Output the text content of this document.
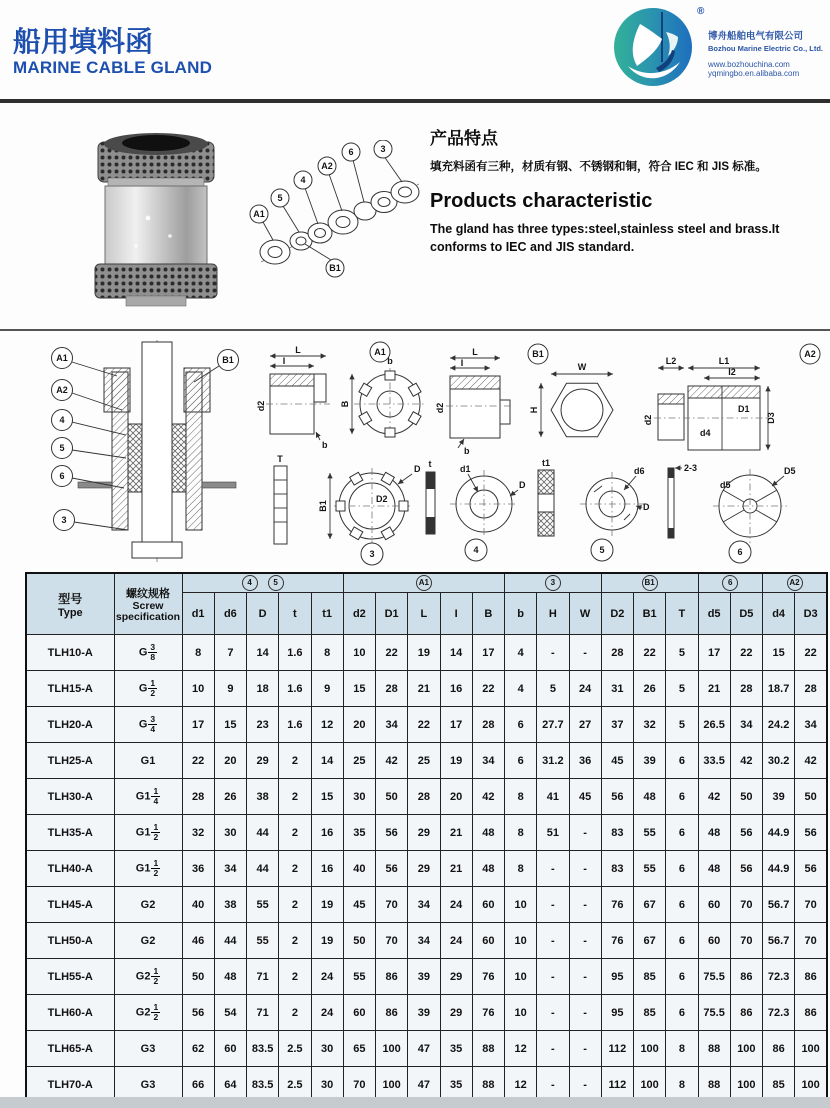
船用填料函
MARINE CABLE GLAND
®
博舟船舶电气有限公司
Bozhou Marine Electric Co., Ltd.
www.bozhouchina.com
yqmingbo.en.alibaba.com
A1
5
4
A2
6	3
B1
产品特点
填充料函有三种，材质有钢、不锈钢和铜，符合 IEC 和 JIS 标准。
Products characteristic
The gland has three types:steel,stainless steel and brass.It conforms to IEC and JIS standard.
A1
A2
4
5
6
3
B1
L
I
d2
b
B
b
A1
T
B1
D2
D
3
L
I
d2
b
W
H
B1
L2	L1
I2
d2
D1
d4
D3
A2
t	d1
D
4
t1
d6
D
5
2-3	D5
d5
6
型号
Type

螺纹规格
Screw specification
	4	5	A1	3	B1	6	A2
		d1	d6	D	t	t1	d2	D1	L	I	B	b	H	W	D2	B1	T	d5	D5	d4	D3
TLH10-A	G $\frac{3}{8}$	8	7	14	1.6	8	10	22	19	14	17	4	-	-	28	22	5	17	22	15	22
TLH15-A	G $\frac{1}{2}$	10	9	18	1.6	9	15	28	21	16	22	4	5	24	31	26	5	21	28	18.7	28
TLH20-A	G $\frac{3}{4}$	17	15	23	1.6	12	20	34	22	17	28	6	27.7	27	37	32	5	26.5	34	24.2	34
TLH25-A	G1	22	20	29	2	14	25	42	25	19	34	6	31.2	36	45	39	6	33.5	42	30.2	42
TLH30-A	$G1 \frac{1}{4}$	28	26	38	2	15	30	50	28	20	42	8	41	45	56	48	6	42	50	39	50
TLH35-A	$G1 \frac{1}{2}$	32	30	44	2	16	35	56	29	21	48	8	51	-	83	55	6	48	56	44.9	56
TLH40-A	$G1 \frac{1}{2}$	36	34	44	2	16	40	56	29	21	48	8	-	-	83	55	6	48	56	44.9	56
TLH45-A	G2	40	38	55	2	19	45	70	34	24	60	10	-	-	76	67	6	60	70	56.7	70
TLH50-A	G2	46	44	55	2	19	50	70	34	24	60	10	-	-	76	67	6	60	70	56.7	70
TLH55-A	$G2 \frac{1}{2}$	50	48	71	2	24	55	86	39	29	76	10	-	-	95	85	6	75.5	86	72.3	86
TLH60-A	$G2 \frac{1}{2}$	56	54	71	2	24	60	86	39	29	76	10	-	-	95	85	6	75.5	86	72.3	86
TLH65-A	G3	62	60	83.5	2.5	30	65	100	47	35	88	12	-	-	112	100	8	88	100	86	100
TLH70-A	G3	66	64	83.5	2.5	30	70	100	47	35	88	12	-	-	112	100	8	88	100	85	100
